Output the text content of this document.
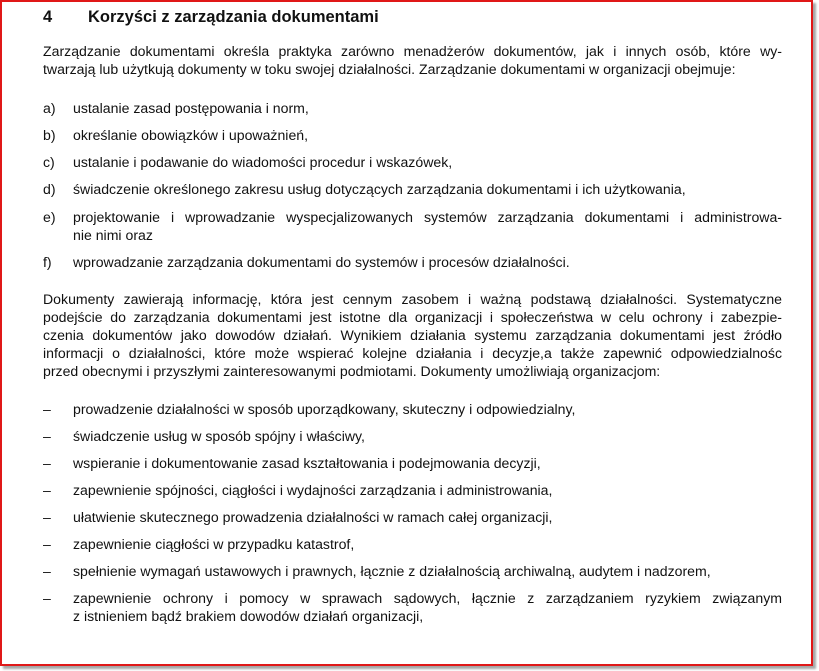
4 Korzyści z zarządzania dokumentami

Zarządzanie dokumentami określa praktyka zarówno menadżerów dokumentów, jak i innych osób, które wy-
twarzają lub użytkują dokumenty w toku swojej działalności. Zarządzanie dokumentami w organizacji obejmuje:

a)	ustalanie zasad postępowania i norm,
b)	określanie obowiązków i upoważnień,
c)	ustalanie i podawanie do wiadomości procedur i wskazówek,
d)	świadczenie określonego zakresu usług dotyczących zarządzania dokumentami i ich użytkowania,
e)	projektowanie i wprowadzanie wyspecjalizowanych systemów zarządzania dokumentami i administrowa-
nie nimi oraz
f)	wprowadzanie zarządzania dokumentami do systemów i procesów działalności.

Dokumenty zawierają informację, która jest cennym zasobem i ważną podstawą działalności. Systematyczne
podejście do zarządzania dokumentami jest istotne dla organizacji i społeczeństwa w celu ochrony i zabezpie-
czenia dokumentów jako dowodów działań. Wynikiem działania systemu zarządzania dokumentami jest źródło
informacji o działalności, które może wspierać kolejne działania i decyzje,a także zapewnić odpowiedzialnośc
przed obecnymi i przyszłymi zainteresowanymi podmiotami. Dokumenty umożliwiają organizacjom:

–	prowadzenie działalności w sposób uporządkowany, skuteczny i odpowiedzialny,
–	świadczenie usług w sposób spójny i właściwy,
–	wspieranie i dokumentowanie zasad kształtowania i podejmowania decyzji,
–	zapewnienie spójności, ciągłości i wydajności zarządzania i administrowania,
–	ułatwienie skutecznego prowadzenia działalności w ramach całej organizacji,
–	zapewnienie ciągłości w przypadku katastrof,
–	spełnienie wymagań ustawowych i prawnych, łącznie z działalnością archiwalną, audytem i nadzorem,
–	zapewnienie ochrony i pomocy w sprawach sądowych, łącznie z zarządzaniem ryzykiem związanym
z istnieniem bądź brakiem dowodów działań organizacji,
